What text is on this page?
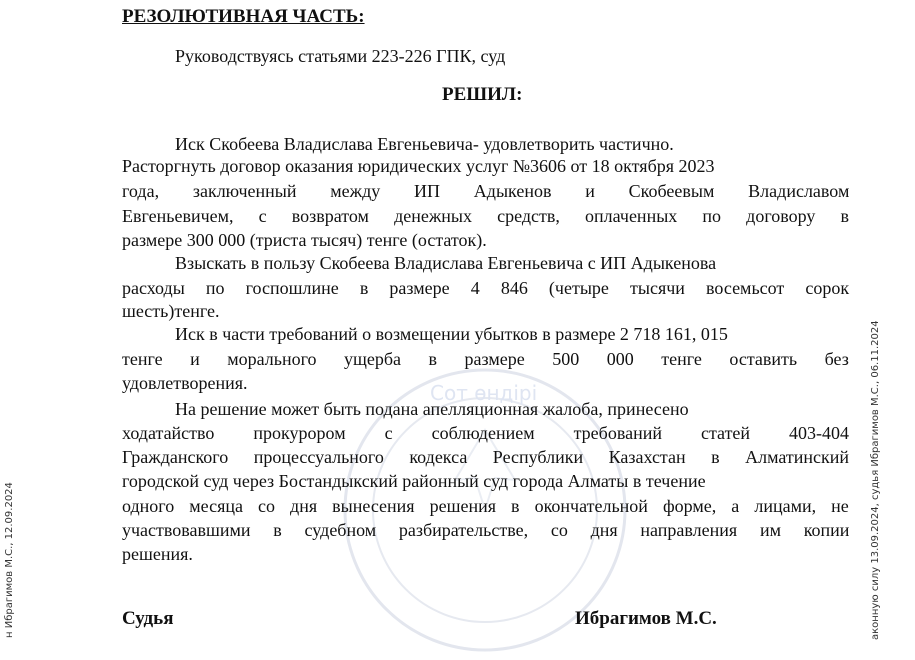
Сот өндірі
РЕЗОЛЮТИВНАЯ ЧАСТЬ:
Руководствуясь статьями 223-226 ГПК, суд
РЕШИЛ:
Иск Скобеева Владислава Евгеньевича- удовлетворить частично.
Расторгнуть договор оказания юридических услуг №3606 от 18 октября 2023
года, заключенный между ИП Адыкенов и Скобеевым Владиславом
Евгеньевичем, с возвратом денежных средств, оплаченных по договору в
размере 300 000 (триста тысяч) тенге (остаток).
Взыскать в пользу Скобеева Владислава Евгеньевича с ИП Адыкенова
расходы по госпошлине в размере 4 846 (четыре тысячи восемьсот сорок
шесть)тенге.
Иск в части требований о возмещении убытков в размере 2 718 161, 015
тенге и морального ущерба в размере 500 000 тенге оставить без
удовлетворения.
На решение может быть подана апелляционная жалоба, принесено
ходатайство прокурором с соблюдением требований статей 403-404
Гражданского процессуального кодекса Республики Казахстан в Алматинский
городской суд через Бостандыкский районный суд города Алматы в течение
одного месяца со дня вынесения решения в окончательной форме, а лицами, не
участвовавшими в судебном разбирательстве, со дня направления им копии
решения.
Судья	Ибрагимов М.С.
н Ибрагимов М.С., 12.09.2024	аконную силу 13.09.2024, судья Ибрагимов М.С., 06.11.2024
